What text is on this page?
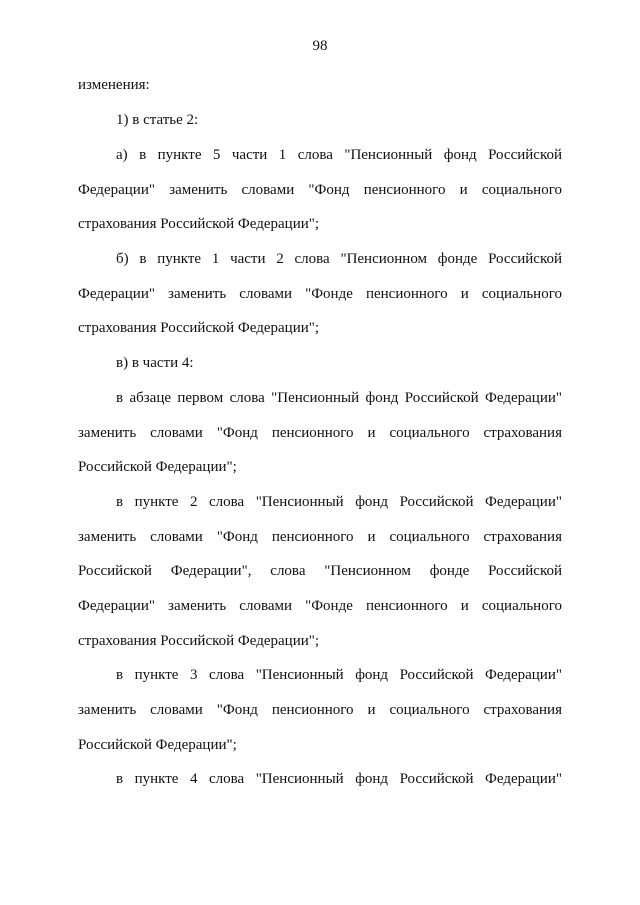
98
изменения:
1) в статье 2:
а) в пункте 5 части 1 слова "Пенсионный фонд Российской
Федерации" заменить словами "Фонд пенсионного и социального
страхования Российской Федерации";
б) в пункте 1 части 2 слова "Пенсионном фонде Российской
Федерации" заменить словами "Фонде пенсионного и социального
страхования Российской Федерации";
в) в части 4:
в абзаце первом слова "Пенсионный фонд Российской Федерации"
заменить словами "Фонд пенсионного и социального страхования
Российской Федерации";
в пункте 2 слова "Пенсионный фонд Российской Федерации"
заменить словами "Фонд пенсионного и социального страхования
Российской Федерации", слова "Пенсионном фонде Российской
Федерации" заменить словами "Фонде пенсионного и социального
страхования Российской Федерации";
в пункте 3 слова "Пенсионный фонд Российской Федерации"
заменить словами "Фонд пенсионного и социального страхования
Российской Федерации";
в пункте 4 слова "Пенсионный фонд Российской Федерации"
